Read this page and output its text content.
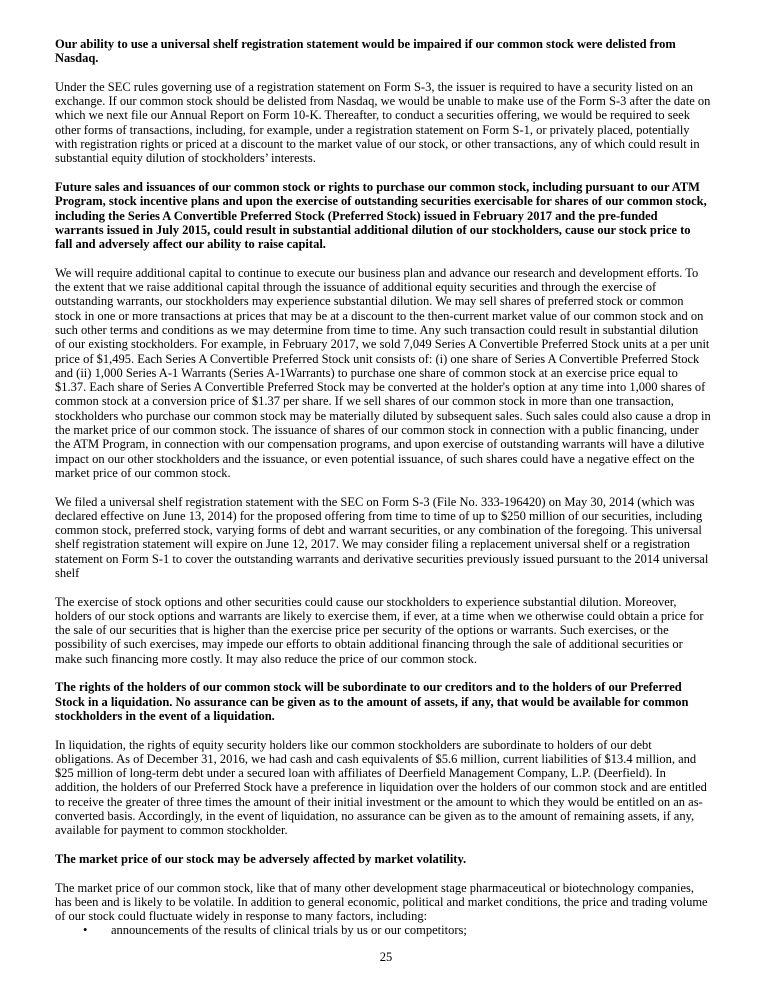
Our ability to use a universal shelf registration statement would be impaired if our common stock were delisted from
Nasdaq.
Under the SEC rules governing use of a registration statement on Form S-3, the issuer is required to have a security listed on an
exchange. If our common stock should be delisted from Nasdaq, we would be unable to make use of the Form S-3 after the date on
which we next file our Annual Report on Form 10-K. Thereafter, to conduct a securities offering, we would be required to seek
other forms of transactions, including, for example, under a registration statement on Form S-1, or privately placed, potentially
with registration rights or priced at a discount to the market value of our stock, or other transactions, any of which could result in
substantial equity dilution of stockholders’ interests.
Future sales and issuances of our common stock or rights to purchase our common stock, including pursuant to our ATM
Program, stock incentive plans and upon the exercise of outstanding securities exercisable for shares of our common stock,
including the Series A Convertible Preferred Stock (Preferred Stock) issued in February 2017 and the pre-funded
warrants issued in July 2015, could result in substantial additional dilution of our stockholders, cause our stock price to
fall and adversely affect our ability to raise capital.
We will require additional capital to continue to execute our business plan and advance our research and development efforts. To
the extent that we raise additional capital through the issuance of additional equity securities and through the exercise of
outstanding warrants, our stockholders may experience substantial dilution. We may sell shares of preferred stock or common
stock in one or more transactions at prices that may be at a discount to the then-current market value of our common stock and on
such other terms and conditions as we may determine from time to time. Any such transaction could result in substantial dilution
of our existing stockholders. For example, in February 2017, we sold 7,049 Series A Convertible Preferred Stock units at a per unit
price of $1,495. Each Series A Convertible Preferred Stock unit consists of: (i) one share of Series A Convertible Preferred Stock
and (ii) 1,000 Series A-1 Warrants (Series A-1Warrants) to purchase one share of common stock at an exercise price equal to
$1.37. Each share of Series A Convertible Preferred Stock may be converted at the holder's option at any time into 1,000 shares of
common stock at a conversion price of $1.37 per share. If we sell shares of our common stock in more than one transaction,
stockholders who purchase our common stock may be materially diluted by subsequent sales. Such sales could also cause a drop in
the market price of our common stock. The issuance of shares of our common stock in connection with a public financing, under
the ATM Program, in connection with our compensation programs, and upon exercise of outstanding warrants will have a dilutive
impact on our other stockholders and the issuance, or even potential issuance, of such shares could have a negative effect on the
market price of our common stock.
We filed a universal shelf registration statement with the SEC on Form S-3 (File No. 333-196420) on May 30, 2014 (which was
declared effective on June 13, 2014) for the proposed offering from time to time of up to $250 million of our securities, including
common stock, preferred stock, varying forms of debt and warrant securities, or any combination of the foregoing. This universal
shelf registration statement will expire on June 12, 2017. We may consider filing a replacement universal shelf or a registration
statement on Form S-1 to cover the outstanding warrants and derivative securities previously issued pursuant to the 2014 universal
shelf
The exercise of stock options and other securities could cause our stockholders to experience substantial dilution. Moreover,
holders of our stock options and warrants are likely to exercise them, if ever, at a time when we otherwise could obtain a price for
the sale of our securities that is higher than the exercise price per security of the options or warrants. Such exercises, or the
possibility of such exercises, may impede our efforts to obtain additional financing through the sale of additional securities or
make such financing more costly. It may also reduce the price of our common stock.
The rights of the holders of our common stock will be subordinate to our creditors and to the holders of our Preferred
Stock in a liquidation. No assurance can be given as to the amount of assets, if any, that would be available for common
stockholders in the event of a liquidation.
In liquidation, the rights of equity security holders like our common stockholders are subordinate to holders of our debt
obligations. As of December 31, 2016, we had cash and cash equivalents of $5.6 million, current liabilities of $13.4 million, and
$25 million of long-term debt under a secured loan with affiliates of Deerfield Management Company, L.P. (Deerfield). In
addition, the holders of our Preferred Stock have a preference in liquidation over the holders of our common stock and are entitled
to receive the greater of three times the amount of their initial investment or the amount to which they would be entitled on an as-
converted basis. Accordingly, in the event of liquidation, no assurance can be given as to the amount of remaining assets, if any,
available for payment to common stockholder.
The market price of our stock may be adversely affected by market volatility.
The market price of our common stock, like that of many other development stage pharmaceutical or biotechnology companies,
has been and is likely to be volatile. In addition to general economic, political and market conditions, the price and trading volume
of our stock could fluctuate widely in response to many factors, including:
• announcements of the results of clinical trials by us or our competitors;
25
